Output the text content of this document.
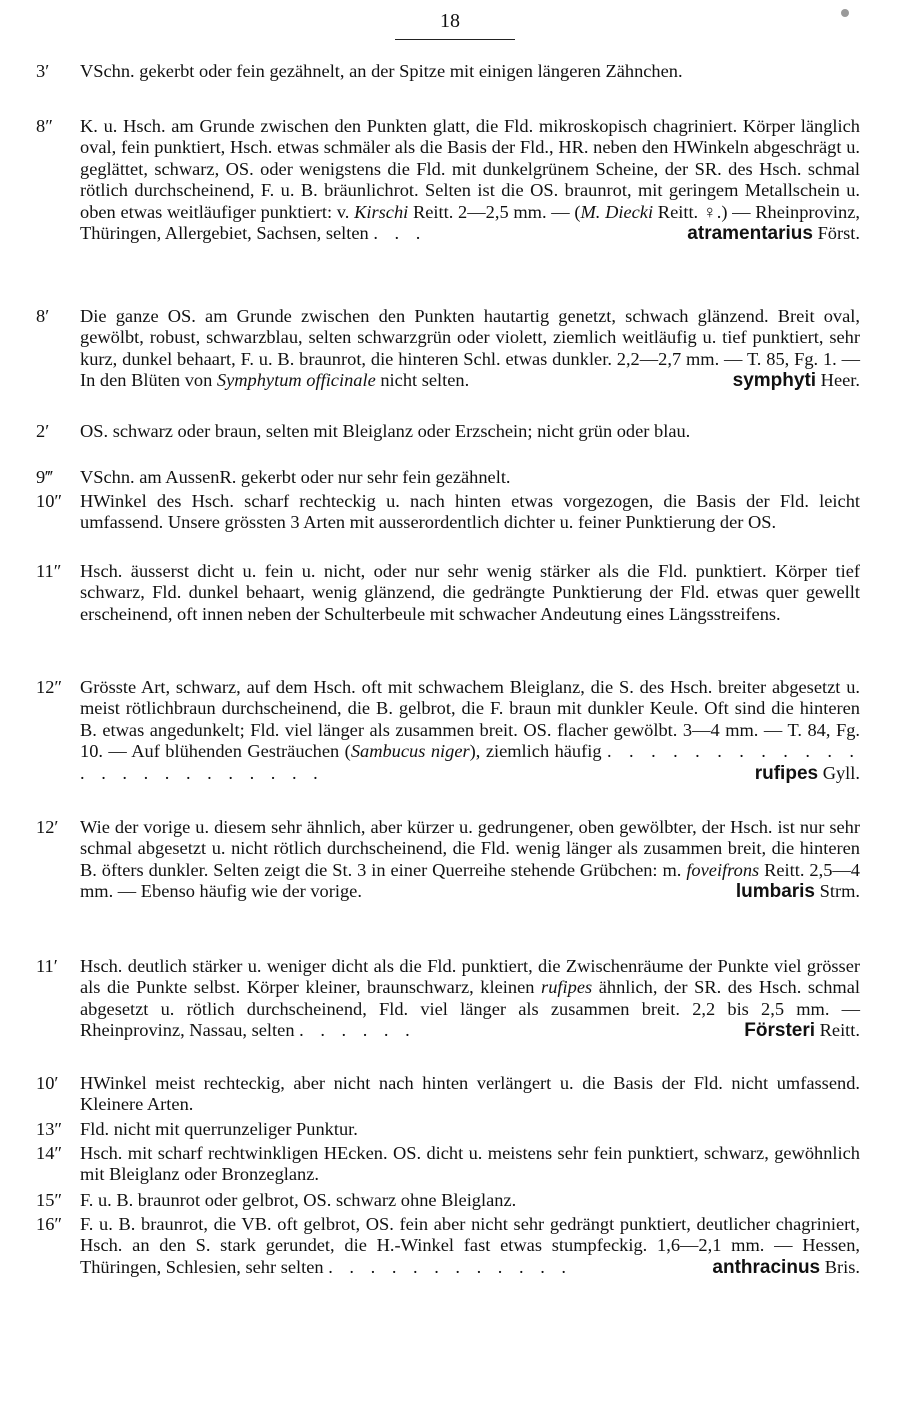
18
3′	VSchn. gekerbt oder fein gezähnelt, an der Spitze mit einigen längeren Zähnchen.
8″	K. u. Hsch. am Grunde zwischen den Punkten glatt, die Fld. mikroskopisch chagriniert. Körper länglich oval, fein punktiert, Hsch. etwas schmäler als die Basis der Fld., HR. neben den HWinkeln abgeschrägt u. geglättet, schwarz, OS. oder wenigstens die Fld. mit dunkelgrünem Scheine, der SR. des Hsch. schmal rötlich durchscheinend, F. u. B. bräunlichrot. Selten ist die OS. braunrot, mit geringem Metallschein u. oben etwas weitläufiger punktiert: v. Kirschi Reitt. 2—2,5 mm. — (M. Diecki Reitt. ♀.) — Rheinprovinz, Thüringen, Allergebiet, Sachsen, selten . . .	atramentarius Först.
8′	Die ganze OS. am Grunde zwischen den Punkten hautartig genetzt, schwach glänzend. Breit oval, gewölbt, robust, schwarzblau, selten schwarzgrün oder violett, ziemlich weitläufig u. tief punktiert, sehr kurz, dunkel behaart, F. u. B. braunrot, die hinteren Schl. etwas dunkler. 2,2—2,7 mm. — T. 85, Fg. 1. — In den Blüten von Symphytum officinale nicht selten.	symphyti Heer.
2′	OS. schwarz oder braun, selten mit Bleiglanz oder Erzschein; nicht grün oder blau.
9‴	VSchn. am AussenR. gekerbt oder nur sehr fein gezähnelt.
10″ HWinkel des Hsch. scharf rechteckig u. nach hinten etwas vorgezogen, die Basis der Fld. leicht umfassend. Unsere grössten 3 Arten mit ausserordentlich dichter u. feiner Punktierung der OS.
11″	Hsch. äusserst dicht u. fein u. nicht, oder nur sehr wenig stärker als die Fld. punktiert. Körper tief schwarz, Fld. dunkel behaart, wenig glänzend, die gedrängte Punktierung der Fld. etwas quer gewellt erscheinend, oft innen neben der Schulterbeule mit schwacher Andeutung eines Längsstreifens.
12″ Grösste Art, schwarz, auf dem Hsch. oft mit schwachem Bleiglanz, die S. des Hsch. breiter abgesetzt u. meist rötlichbraun durchscheinend, die B. gelbrot, die F. braun mit dunkler Keule. Oft sind die hinteren B. etwas angedunkelt; Fld. viel länger als zusammen breit. OS. flacher gewölbt. 3—4 mm. — T. 84, Fg. 10. — Auf blühenden Gesträuchen (Sambucus niger), ziemlich häufig . . . . . . . . . . . . . . . . . . . . . . . .	rufipes Gyll.
12′	Wie der vorige u. diesem sehr ähnlich, aber kürzer u. gedrungener, oben gewölbter, der Hsch. ist nur sehr schmal abgesetzt u. nicht rötlich durchscheinend, die Fld. wenig länger als zusammen breit, die hinteren B. öfters dunkler. Selten zeigt die St. 3 in einer Querreihe stehende Grübchen: m. foveifrons Reitt. 2,5—4 mm. — Ebenso häufig wie der vorige.	lumbaris Strm.
11′	Hsch. deutlich stärker u. weniger dicht als die Fld. punktiert, die Zwischenräume der Punkte viel grösser als die Punkte selbst. Körper kleiner, braunschwarz, kleinen rufipes ähnlich, der SR. des Hsch. schmal abgesetzt u. rötlich durchscheinend, Fld. viel länger als zusammen breit. 2,2 bis 2,5 mm. — Rheinprovinz, Nassau, selten . . . . . .	Försteri Reitt.
10′	HWinkel meist rechteckig, aber nicht nach hinten verlängert u. die Basis der Fld. nicht umfassend. Kleinere Arten.
13″ Fld. nicht mit querrunzeliger Punktur.
14″ Hsch. mit scharf rechtwinkligen HEcken. OS. dicht u. meistens sehr fein punktiert, schwarz, gewöhnlich mit Bleiglanz oder Bronzeglanz.
15″ F. u. B. braunrot oder gelbrot, OS. schwarz ohne Bleiglanz.
16″ F. u. B. braunrot, die VB. oft gelbrot, OS. fein aber nicht sehr gedrängt punktiert, deutlicher chagriniert, Hsch. an den S. stark gerundet, die H.-Winkel fast etwas stumpfeckig. 1,6—2,1 mm. — Hessen, Thüringen, Schlesien, sehr selten . . . . . . . . . . . .	anthracinus Bris.
